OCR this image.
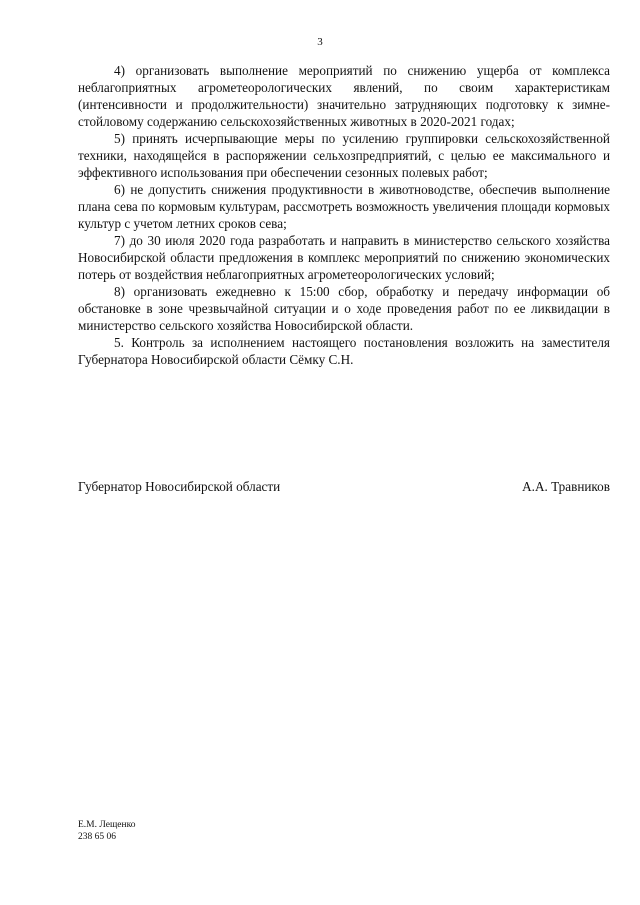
3

4) организовать выполнение мероприятий по снижению ущерба от комплекса неблагоприятных агрометеорологических явлений, по своим характеристикам (интенсивности и продолжительности) значительно затрудняющих подготовку к зимне-стойловому содержанию сельскохозяйственных животных в 2020-2021 годах;

5) принять исчерпывающие меры по усилению группировки сельскохозяйственной техники, находящейся в распоряжении сельхозпредприятий, с целью ее максимального и эффективного использования при обеспечении сезонных полевых работ;

6) не допустить снижения продуктивности в животноводстве, обеспечив выполнение плана сева по кормовым культурам, рассмотреть возможность увеличения площади кормовых культур с учетом летних сроков сева;

7) до 30 июля 2020 года разработать и направить в министерство сельского хозяйства Новосибирской области предложения в комплекс мероприятий по снижению экономических потерь от воздействия неблагоприятных агрометеорологических условий;

8) организовать ежедневно к 15:00 сбор, обработку и передачу информации об обстановке в зоне чрезвычайной ситуации и о ходе проведения работ по ее ликвидации в министерство сельского хозяйства Новосибирской области.

5. Контроль за исполнением настоящего постановления возложить на заместителя Губернатора Новосибирской области Сёмку С.Н.

Губернатор Новосибирской области	А.А. Травников
Е.М. Лещенко
238 65 06
